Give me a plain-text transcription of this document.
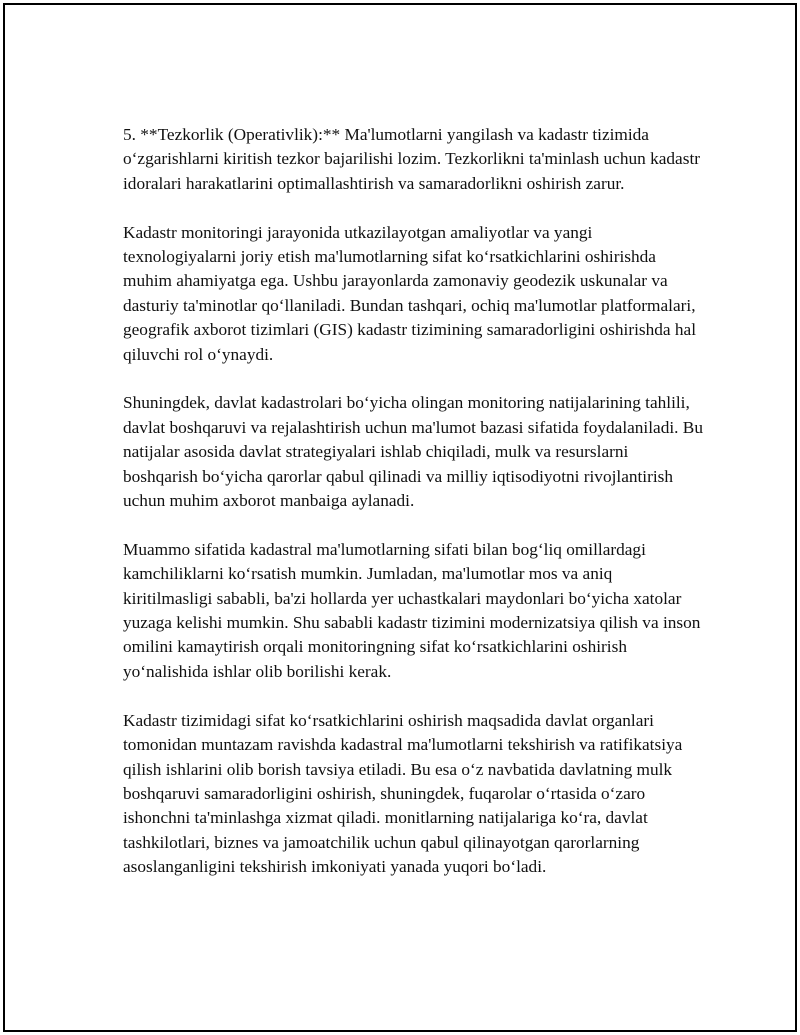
5. **Tezkorlik (Operativlik):** Ma'lumotlarni yangilash va kadastr tizimida o‘zgarishlarni kiritish tezkor bajarilishi lozim. Tezkorlikni ta'minlash uchun kadastr idoralari harakatlarini optimallashtirish va samaradorlikni oshirish zarur.

Kadastr monitoringi jarayonida utkazilayotgan amaliyotlar va yangi texnologiyalarni joriy etish ma'lumotlarning sifat ko‘rsatkichlarini oshirishda muhim ahamiyatga ega. Ushbu jarayonlarda zamonaviy geodezik uskunalar va dasturiy ta'minotlar qo‘llaniladi. Bundan tashqari, ochiq ma'lumotlar platformalari, geografik axborot tizimlari (GIS) kadastr tizimining samaradorligini oshirishda hal qiluvchi rol o‘ynaydi.

Shuningdek, davlat kadastrolari bo‘yicha olingan monitoring natijalarining tahlili, davlat boshqaruvi va rejalashtirish uchun ma'lumot bazasi sifatida foydalaniladi. Bu natijalar asosida davlat strategiyalari ishlab chiqiladi, mulk va resurslarni boshqarish bo‘yicha qarorlar qabul qilinadi va milliy iqtisodiyotni rivojlantirish uchun muhim axborot manbaiga aylanadi.

Muammo sifatida kadastral ma'lumotlarning sifati bilan bog‘liq omillardagi kamchiliklarni ko‘rsatish mumkin. Jumladan, ma'lumotlar mos va aniq kiritilmasligi sababli, ba'zi hollarda yer uchastkalari maydonlari bo‘yicha xatolar yuzaga kelishi mumkin. Shu sababli kadastr tizimini modernizatsiya qilish va inson omilini kamaytirish orqali monitoringning sifat ko‘rsatkichlarini oshirish yo‘nalishida ishlar olib borilishi kerak.

Kadastr tizimidagi sifat ko‘rsatkichlarini oshirish maqsadida davlat organlari tomonidan muntazam ravishda kadastral ma'lumotlarni tekshirish va ratifikatsiya qilish ishlarini olib borish tavsiya etiladi. Bu esa o‘z navbatida davlatning mulk boshqaruvi samaradorligini oshirish, shuningdek, fuqarolar o‘rtasida o‘zaro ishonchni ta'minlashga xizmat qiladi. monitlarning natijalariga ko‘ra, davlat tashkilotlari, biznes va jamoatchilik uchun qabul qilinayotgan qarorlarning asoslanganligini tekshirish imkoniyati yanada yuqori bo‘ladi.
